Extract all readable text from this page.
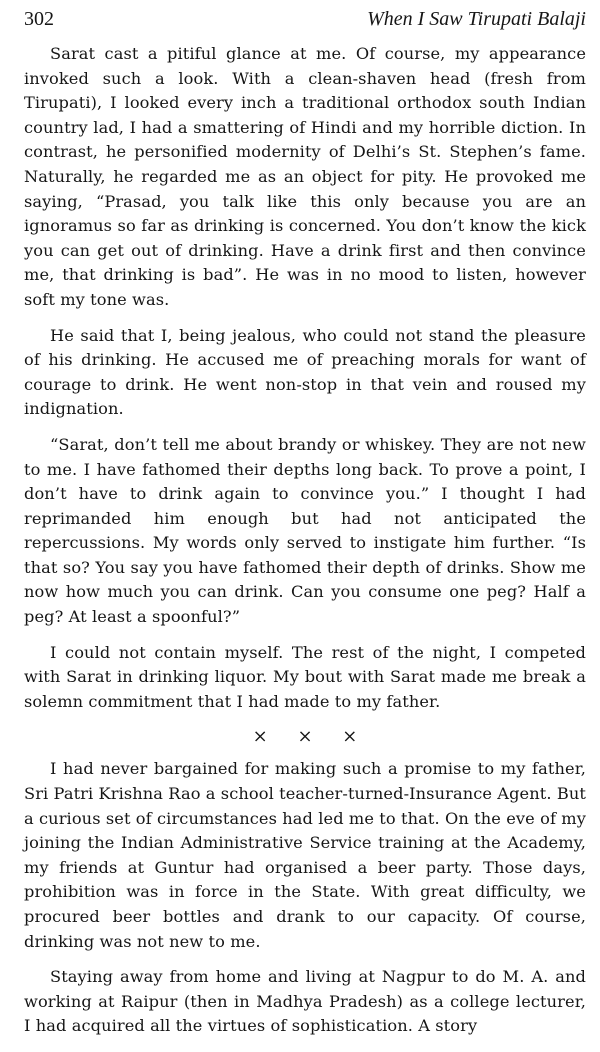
302	When I Saw Tirupati Balaji

Sarat cast a pitiful glance at me. Of course, my appearance invoked such a look. With a clean-shaven head (fresh from Tirupati), I looked every inch a traditional orthodox south Indian country lad, I had a smattering of Hindi and my horrible diction. In contrast, he personified modernity of Delhi’s St. Stephen’s fame. Naturally, he regarded me as an object for pity. He provoked me saying, “Prasad, you talk like this only because you are an ignoramus so far as drinking is concerned. You don’t know the kick you can get out of drinking. Have a drink first and then convince me, that drinking is bad”. He was in no mood to listen, however soft my tone was.

He said that I, being jealous, who could not stand the pleasure of his drinking. He accused me of preaching morals for want of courage to drink. He went non-stop in that vein and roused my indignation.

“Sarat, don’t tell me about brandy or whiskey. They are not new to me. I have fathomed their depths long back. To prove a point, I don’t have to drink again to convince you.” I thought I had reprimanded him enough but had not anticipated the repercussions. My words only served to instigate him further. “Is that so? You say you have fathomed their depth of drinks. Show me now how much you can drink. Can you consume one peg? Half a peg? At least a spoonful?”

I could not contain myself. The rest of the night, I competed with Sarat in drinking liquor. My bout with Sarat made me break a solemn commitment that I had made to my father.

× × ×

I had never bargained for making such a promise to my father, Sri Patri Krishna Rao a school teacher-turned-Insurance Agent. But a curious set of circumstances had led me to that. On the eve of my joining the Indian Administrative Service training at the Academy, my friends at Guntur had organised a beer party. Those days, prohibition was in force in the State. With great difficulty, we procured beer bottles and drank to our capacity. Of course, drinking was not new to me.

Staying away from home and living at Nagpur to do M. A. and working at Raipur (then in Madhya Pradesh) as a college lecturer, I had acquired all the virtues of sophistication. A story
